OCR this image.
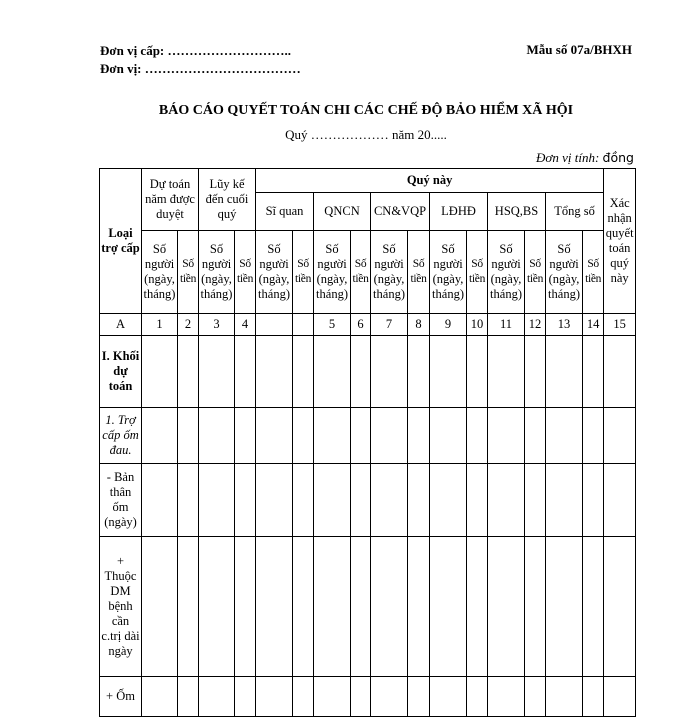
Đơn vị cấp: ………………………..
Đơn vị: ………………………………
Mẫu số 07a/BHXH
BÁO CÁO QUYẾT TOÁN CHI CÁC CHẾ ĐỘ BẢO HIỂM XÃ HỘI
Quý ……………… năm 20.....
Đơn vị tính: đồng
Loại trợ cấp	Dự toán năm được duyệt		Lũy kế đến cuối quý		Quý này												Xác nhận quyết toán quý này
					Sĩ quan		QNCN		CN&VQP		LĐHĐ		HSQ,BS		Tổng số		
	Số người (ngày, tháng)	Số tiền	Số người (ngày, tháng)	Số tiền	Số người (ngày, tháng)	Số tiền	Số người (ngày, tháng)	Số tiền	Số người (ngày, tháng)	Số tiền	Số người (ngày, tháng)	Số tiền	Số người (ngày, tháng)	Số tiền	Số người (ngày, tháng)	Số tiền	
A	1	2	3	4			5	6	7	8	9	10	11	12	13	14	15
I. Khối dự toán																	
1. Trợ cấp ốm đau.																	
- Bản thân ốm (ngày)																	
+ Thuộc DM bệnh cần c.trị dài ngày																	
+ Ốm																	
